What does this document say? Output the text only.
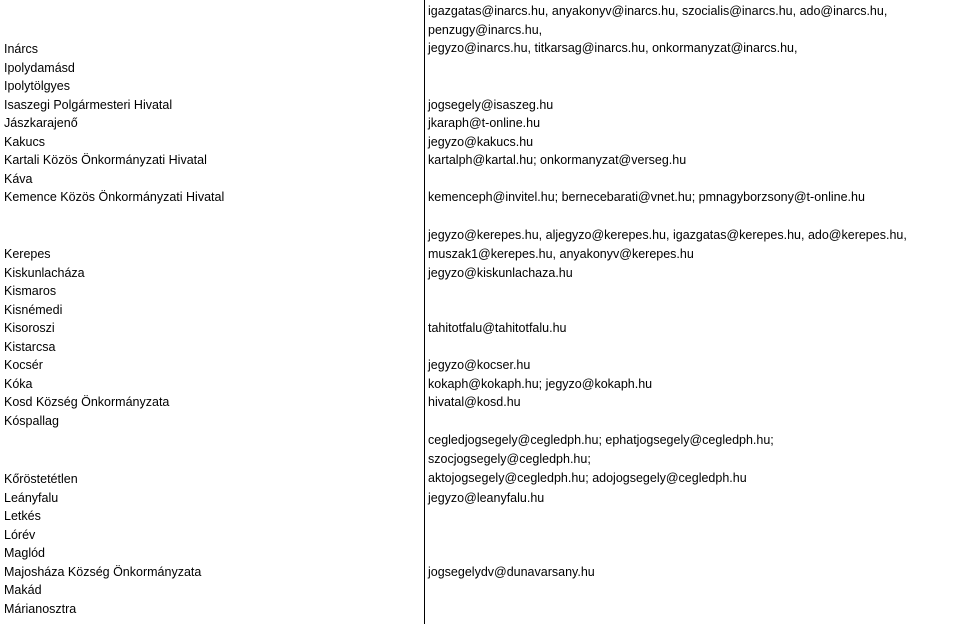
Inárcs
Ipolydamásd
Ipolytölgyes
Isaszegi Polgármesteri Hivatal
Jászkarajenő
Kakucs
Kartali Közös Önkormányzati Hivatal
Káva
Kemence Közös Önkormányzati Hivatal
Kerepes
Kiskunlacháza
Kismaros
Kisnémedi
Kisoroszi
Kistarcsa
Kocsér
Kóka
Kosd Község Önkormányzata
Kóspallag
Kőröstetétlen
Leányfalu
Letkés
Lórév
Maglód
Majosháza Község Önkormányzata
Makád
Márianosztra
igazgatas@inarcs.hu, anyakonyv@inarcs.hu, szocialis@inarcs.hu, ado@inarcs.hu,
penzugy@inarcs.hu,
jegyzo@inarcs.hu, titkarsag@inarcs.hu, onkormanyzat@inarcs.hu,
jogsegely@isaszeg.hu
jkaraph@t-online.hu
jegyzo@kakucs.hu
kartalph@kartal.hu; onkormanyzat@verseg.hu
kemenceph@invitel.hu; bernecebarati@vnet.hu; pmnagyborzsony@t-online.hu
jegyzo@kerepes.hu, aljegyzo@kerepes.hu, igazgatas@kerepes.hu, ado@kerepes.hu,
muszak1@kerepes.hu, anyakonyv@kerepes.hu
jegyzo@kiskunlachaza.hu
tahitotfalu@tahitotfalu.hu
jegyzo@kocser.hu
kokaph@kokaph.hu; jegyzo@kokaph.hu
hivatal@kosd.hu
cegledjogsegely@cegledph.hu; ephatjogsegely@cegledph.hu;
szocjogsegely@cegledph.hu;
aktojogsegely@cegledph.hu; adojogsegely@cegledph.hu
jegyzo@leanyfalu.hu
jogsegelydv@dunavarsany.hu
